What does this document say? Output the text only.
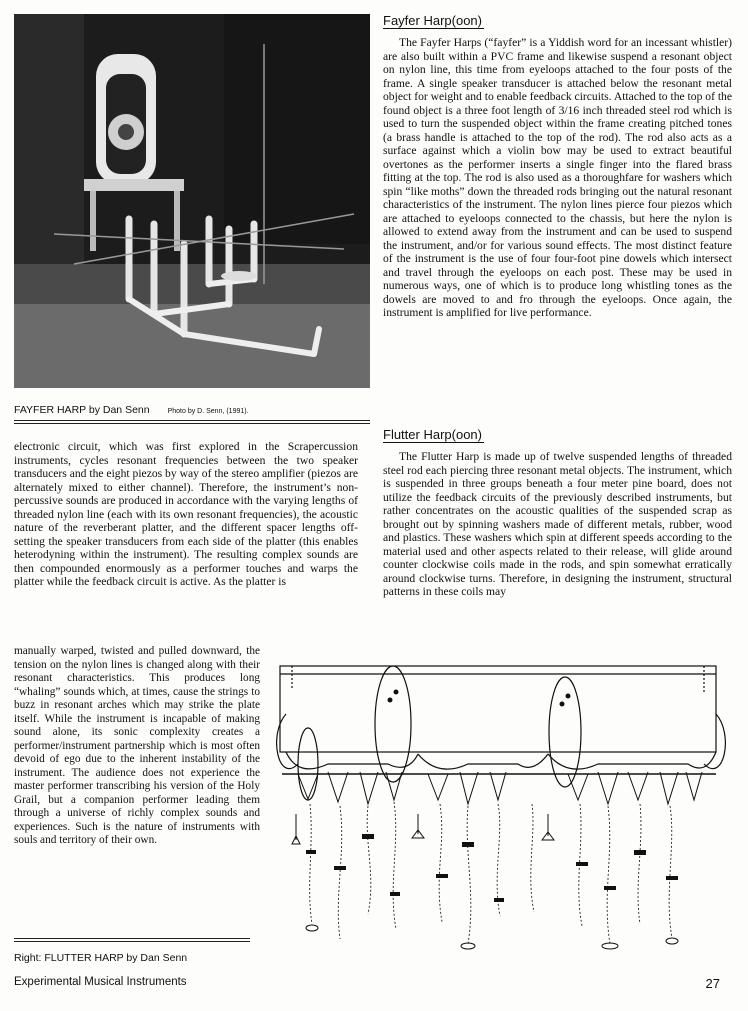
FAYFER HARP by Dan Senn	Photo by D. Senn, (1991).

electronic circuit, which was first explored in the Scrapercussion instruments, cycles resonant frequencies between the two speaker transducers and the eight piezos by way of the stereo amplifier (piezos are alternately mixed to either channel). Therefore, the instrument’s non-percussive sounds are produced in accordance with the varying lengths of threaded nylon line (each with its own resonant frequencies), the acoustic nature of the reverberant platter, and the different spacer lengths off-setting the speaker transducers from each side of the platter (this enables heterodyning within the instrument). The resulting complex sounds are then compounded enormously as a performer touches and warps the platter while the feedback circuit is active. As the platter is

manually warped, twisted and pulled downward, the tension on the nylon lines is changed along with their resonant characteristics. This produces long “whaling” sounds which, at times, cause the strings to buzz in resonant arches which may strike the plate itself. While the instrument is incapable of making sound alone, its sonic complexity creates a performer/instrument partnership which is most often devoid of ego due to the inherent instability of the instrument. The audience does not experience the master performer transcribing his version of the Holy Grail, but a companion performer leading them through a universe of richly complex sounds and experiences. Such is the nature of instruments with souls and territory of their own.

Fayfer Harp(oon)

The Fayfer Harps (“fayfer” is a Yiddish word for an incessant whistler) are also built within a PVC frame and likewise suspend a resonant object on nylon line, this time from eyeloops attached to the four posts of the frame. A single speaker transducer is attached below the resonant metal object for weight and to enable feedback circuits. Attached to the top of the found object is a three foot length of 3/16 inch threaded steel rod which is used to turn the suspended object within the frame creating pitched tones (a brass handle is attached to the top of the rod). The rod also acts as a surface against which a violin bow may be used to extract beautiful overtones as the performer inserts a single finger into the flared brass fitting at the top. The rod is also used as a thoroughfare for washers which spin “like moths” down the threaded rods bringing out the natural resonant characteristics of the instrument. The nylon lines pierce four piezos which are attached to eyeloops connected to the chassis, but here the nylon is allowed to extend away from the instrument and can be used to suspend the instrument, and/or for various sound effects. The most distinct feature of the instrument is the use of four four-foot pine dowels which intersect and travel through the eyeloops on each post. These may be used in numerous ways, one of which is to produce long whistling tones as the dowels are moved to and fro through the eyeloops. Once again, the instrument is amplified for live performance.

Flutter Harp(oon)

The Flutter Harp is made up of twelve suspended lengths of threaded steel rod each piercing three resonant metal objects. The instrument, which is suspended in three groups beneath a four meter pine board, does not utilize the feedback circuits of the previously described instruments, but rather concentrates on the acoustic qualities of the suspended scrap as brought out by spinning washers made of different metals, rubber, wood and plastics. These washers which spin at different speeds according to the material used and other aspects related to their release, will glide around counter clockwise coils made in the rods, and spin somewhat erratically around clockwise turns. Therefore, in designing the instrument, structural patterns in these coils may

Right: FLUTTER HARP by Dan Senn
Experimental Musical Instruments	27
